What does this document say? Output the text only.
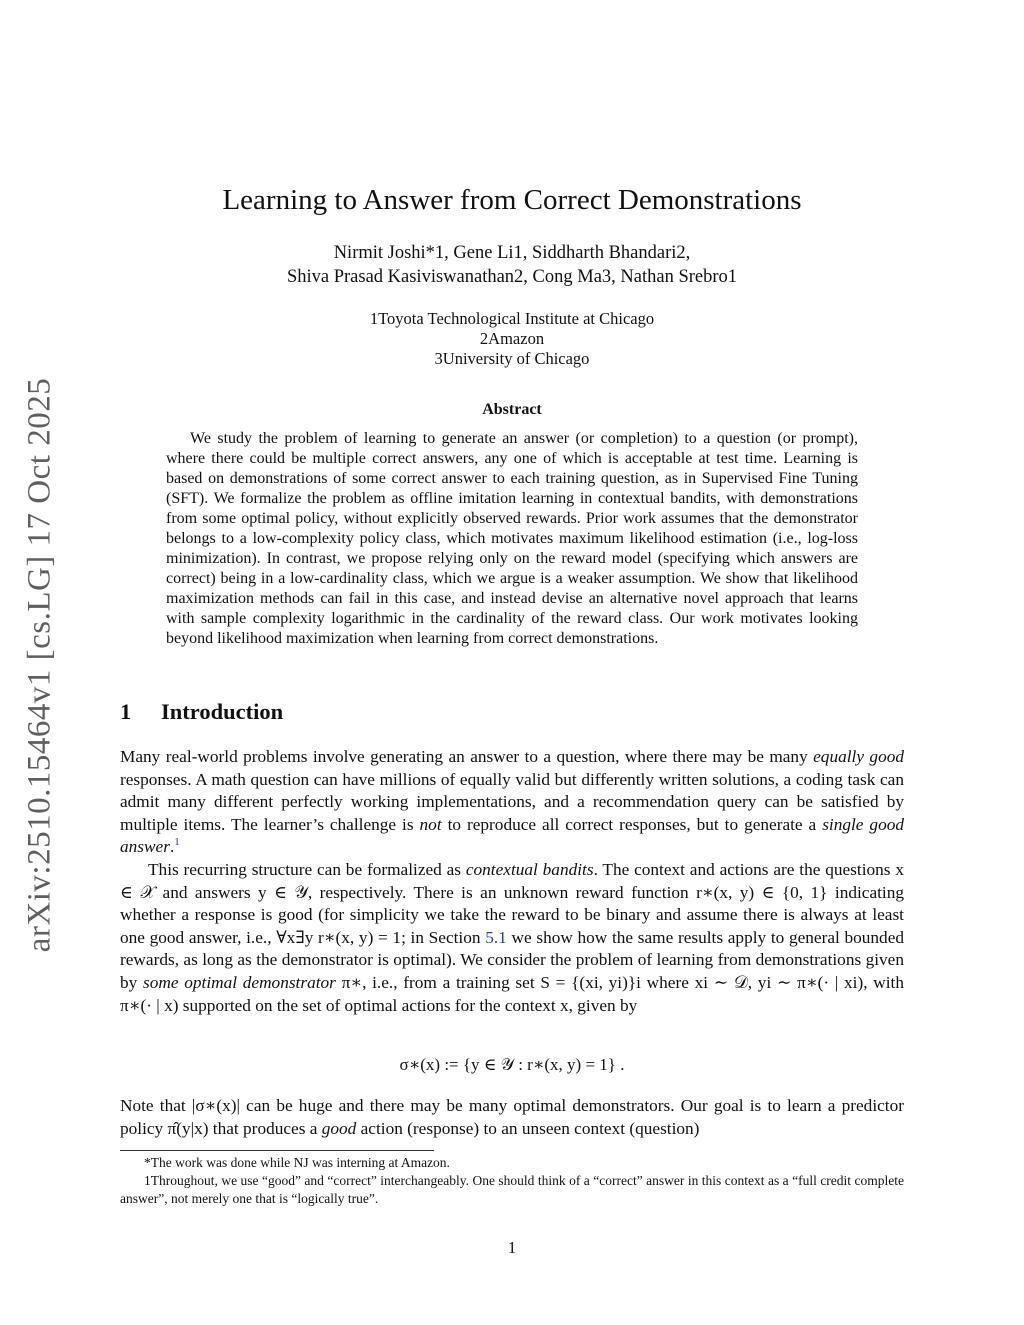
arXiv:2510.15464v1 [cs.LG] 17 Oct 2025
Learning to Answer from Correct Demonstrations
Nirmit Joshi*1, Gene Li1, Siddharth Bhandari2,
Shiva Prasad Kasiviswanathan2, Cong Ma3, Nathan Srebro1
1Toyota Technological Institute at Chicago
2Amazon
3University of Chicago
Abstract
We study the problem of learning to generate an answer (or completion) to a question (or prompt), where there could be multiple correct answers, any one of which is acceptable at test time. Learning is based on demonstrations of some correct answer to each training question, as in Supervised Fine Tuning (SFT). We formalize the problem as offline imitation learning in contextual bandits, with demonstrations from some optimal policy, without explicitly observed rewards. Prior work assumes that the demonstrator belongs to a low-complexity policy class, which motivates maximum likelihood estimation (i.e., log-loss minimization). In contrast, we propose relying only on the reward model (specifying which answers are correct) being in a low-cardinality class, which we argue is a weaker assumption. We show that likelihood maximization methods can fail in this case, and instead devise an alternative novel approach that learns with sample complexity logarithmic in the cardinality of the reward class. Our work motivates looking beyond likelihood maximization when learning from correct demonstrations.
1 Introduction
Many real-world problems involve generating an answer to a question, where there may be many equally good responses. A math question can have millions of equally valid but differently written solutions, a coding task can admit many different perfectly working implementations, and a recommendation query can be satisfied by multiple items. The learner’s challenge is not to reproduce all correct responses, but to generate a single good answer.$^1$
This recurring structure can be formalized as contextual bandits. The context and actions are the questions x ∈ 𝒳 and answers y ∈ 𝒴, respectively. There is an unknown reward function r∗(x, y) ∈ {0, 1} indicating whether a response is good (for simplicity we take the reward to be binary and assume there is always at least one good answer, i.e., ∀x∃y r∗(x, y) = 1; in Section 5.1 we show how the same results apply to general bounded rewards, as long as the demonstrator is optimal). We consider the problem of learning from demonstrations given by some optimal demonstrator π∗, i.e., from a training set S = {(xi, yi)}i where xi ∼ 𝒟, yi ∼ π∗(· | xi), with π∗(· | x) supported on the set of optimal actions for the context x, given by
σ∗(x) := {y ∈ 𝒴 : r∗(x, y) = 1} .
Note that |σ∗(x)| can be huge and there may be many optimal demonstrators. Our goal is to learn a predictor policy π̂(y|x) that produces a good action (response) to an unseen context (question)
*The work was done while NJ was interning at Amazon.
1Throughout, we use “good” and “correct” interchangeably. One should think of a “correct” answer in this context as a “full credit complete answer”, not merely one that is “logically true”.
1
